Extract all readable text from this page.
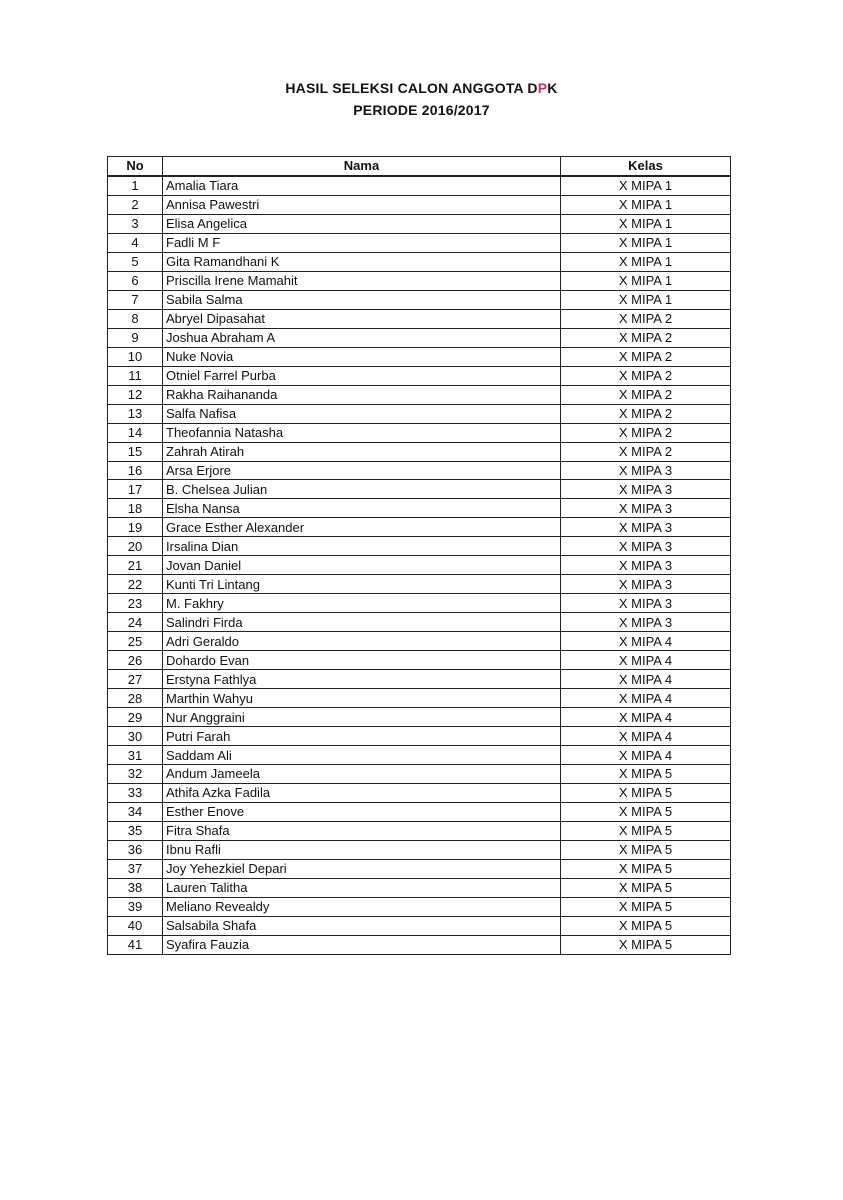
HASIL SELEKSI CALON ANGGOTA DPK
PERIODE 2016/2017
No	Nama	Kelas
1	Amalia Tiara	X MIPA 1
2	Annisa Pawestri	X MIPA 1
3	Elisa Angelica	X MIPA 1
4	Fadli M F	X MIPA 1
5	Gita Ramandhani K	X MIPA 1
6	Priscilla Irene Mamahit	X MIPA 1
7	Sabila Salma	X MIPA 1
8	Abryel Dipasahat	X MIPA 2
9	Joshua Abraham A	X MIPA 2
10	Nuke Novia	X MIPA 2
11	Otniel Farrel Purba	X MIPA 2
12	Rakha Raihananda	X MIPA 2
13	Salfa Nafisa	X MIPA 2
14	Theofannia Natasha	X MIPA 2
15	Zahrah Atirah	X MIPA 2
16	Arsa Erjore	X MIPA 3
17	B. Chelsea Julian	X MIPA 3
18	Elsha Nansa	X MIPA 3
19	Grace Esther Alexander	X MIPA 3
20	Irsalina Dian	X MIPA 3
21	Jovan Daniel	X MIPA 3
22	Kunti Tri Lintang	X MIPA 3
23	M. Fakhry	X MIPA 3
24	Salindri Firda	X MIPA 3
25	Adri Geraldo	X MIPA 4
26	Dohardo Evan	X MIPA 4
27	Erstyna Fathlya	X MIPA 4
28	Marthin Wahyu	X MIPA 4
29	Nur Anggraini	X MIPA 4
30	Putri Farah	X MIPA 4
31	Saddam Ali	X MIPA 4
32	Andum Jameela	X MIPA 5
33	Athifa Azka Fadila	X MIPA 5
34	Esther Enove	X MIPA 5
35	Fitra Shafa	X MIPA 5
36	Ibnu Rafli	X MIPA 5
37	Joy Yehezkiel Depari	X MIPA 5
38	Lauren Talitha	X MIPA 5
39	Meliano Revealdy	X MIPA 5
40	Salsabila Shafa	X MIPA 5
41	Syafira Fauzia	X MIPA 5
